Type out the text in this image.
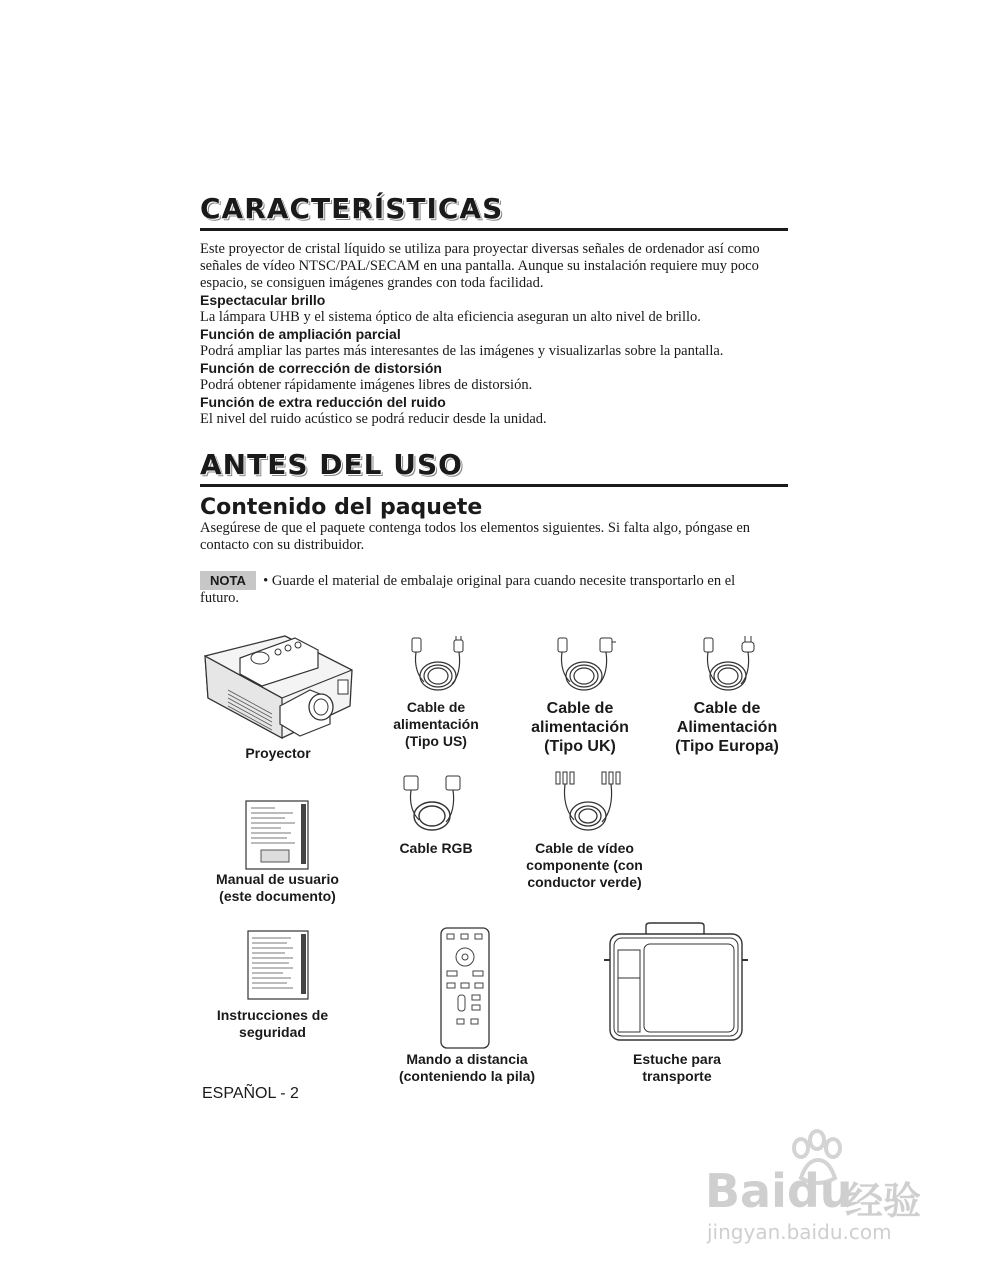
CARACTERÍSTICAS
Este proyector de cristal líquido se utiliza para proyectar diversas señales de ordenador así como
señales de vídeo NTSC/PAL/SECAM en una pantalla. Aunque su instalación requiere muy poco
espacio, se consiguen imágenes grandes con toda facilidad.
Espectacular brillo
La lámpara UHB y el sistema óptico de alta eficiencia aseguran un alto nivel de brillo.
Función de ampliación parcial
Podrá ampliar las partes más interesantes de las imágenes y visualizarlas sobre la pantalla.
Función de corrección de distorsión
Podrá obtener rápidamente imágenes libres de distorsión.
Función de extra reducción del ruido
El nivel del ruido acústico se podrá reducir desde la unidad.
ANTES DEL USO
Contenido del paquete
Asegúrese de que el paquete contenga todos los elementos siguientes. Si falta algo, póngase en
contacto con su distribuidor.
NOTA • Guarde el material de embalaje original para cuando necesite transportarlo en el
futuro.
Proyector
Cable de
alimentación
(Tipo US)
Cable de
alimentación
(Tipo UK)
Cable de
Alimentación
(Tipo Europa)
Manual de usuario
(este documento)
Cable RGB	Cable de vídeo
componente (con
conductor verde)
Instrucciones de
seguridad
Mando a distancia
(conteniendo la pila)
Estuche para
transporte
ESPAÑOL - 2
Baidu
经验
jingyan.baidu.com
